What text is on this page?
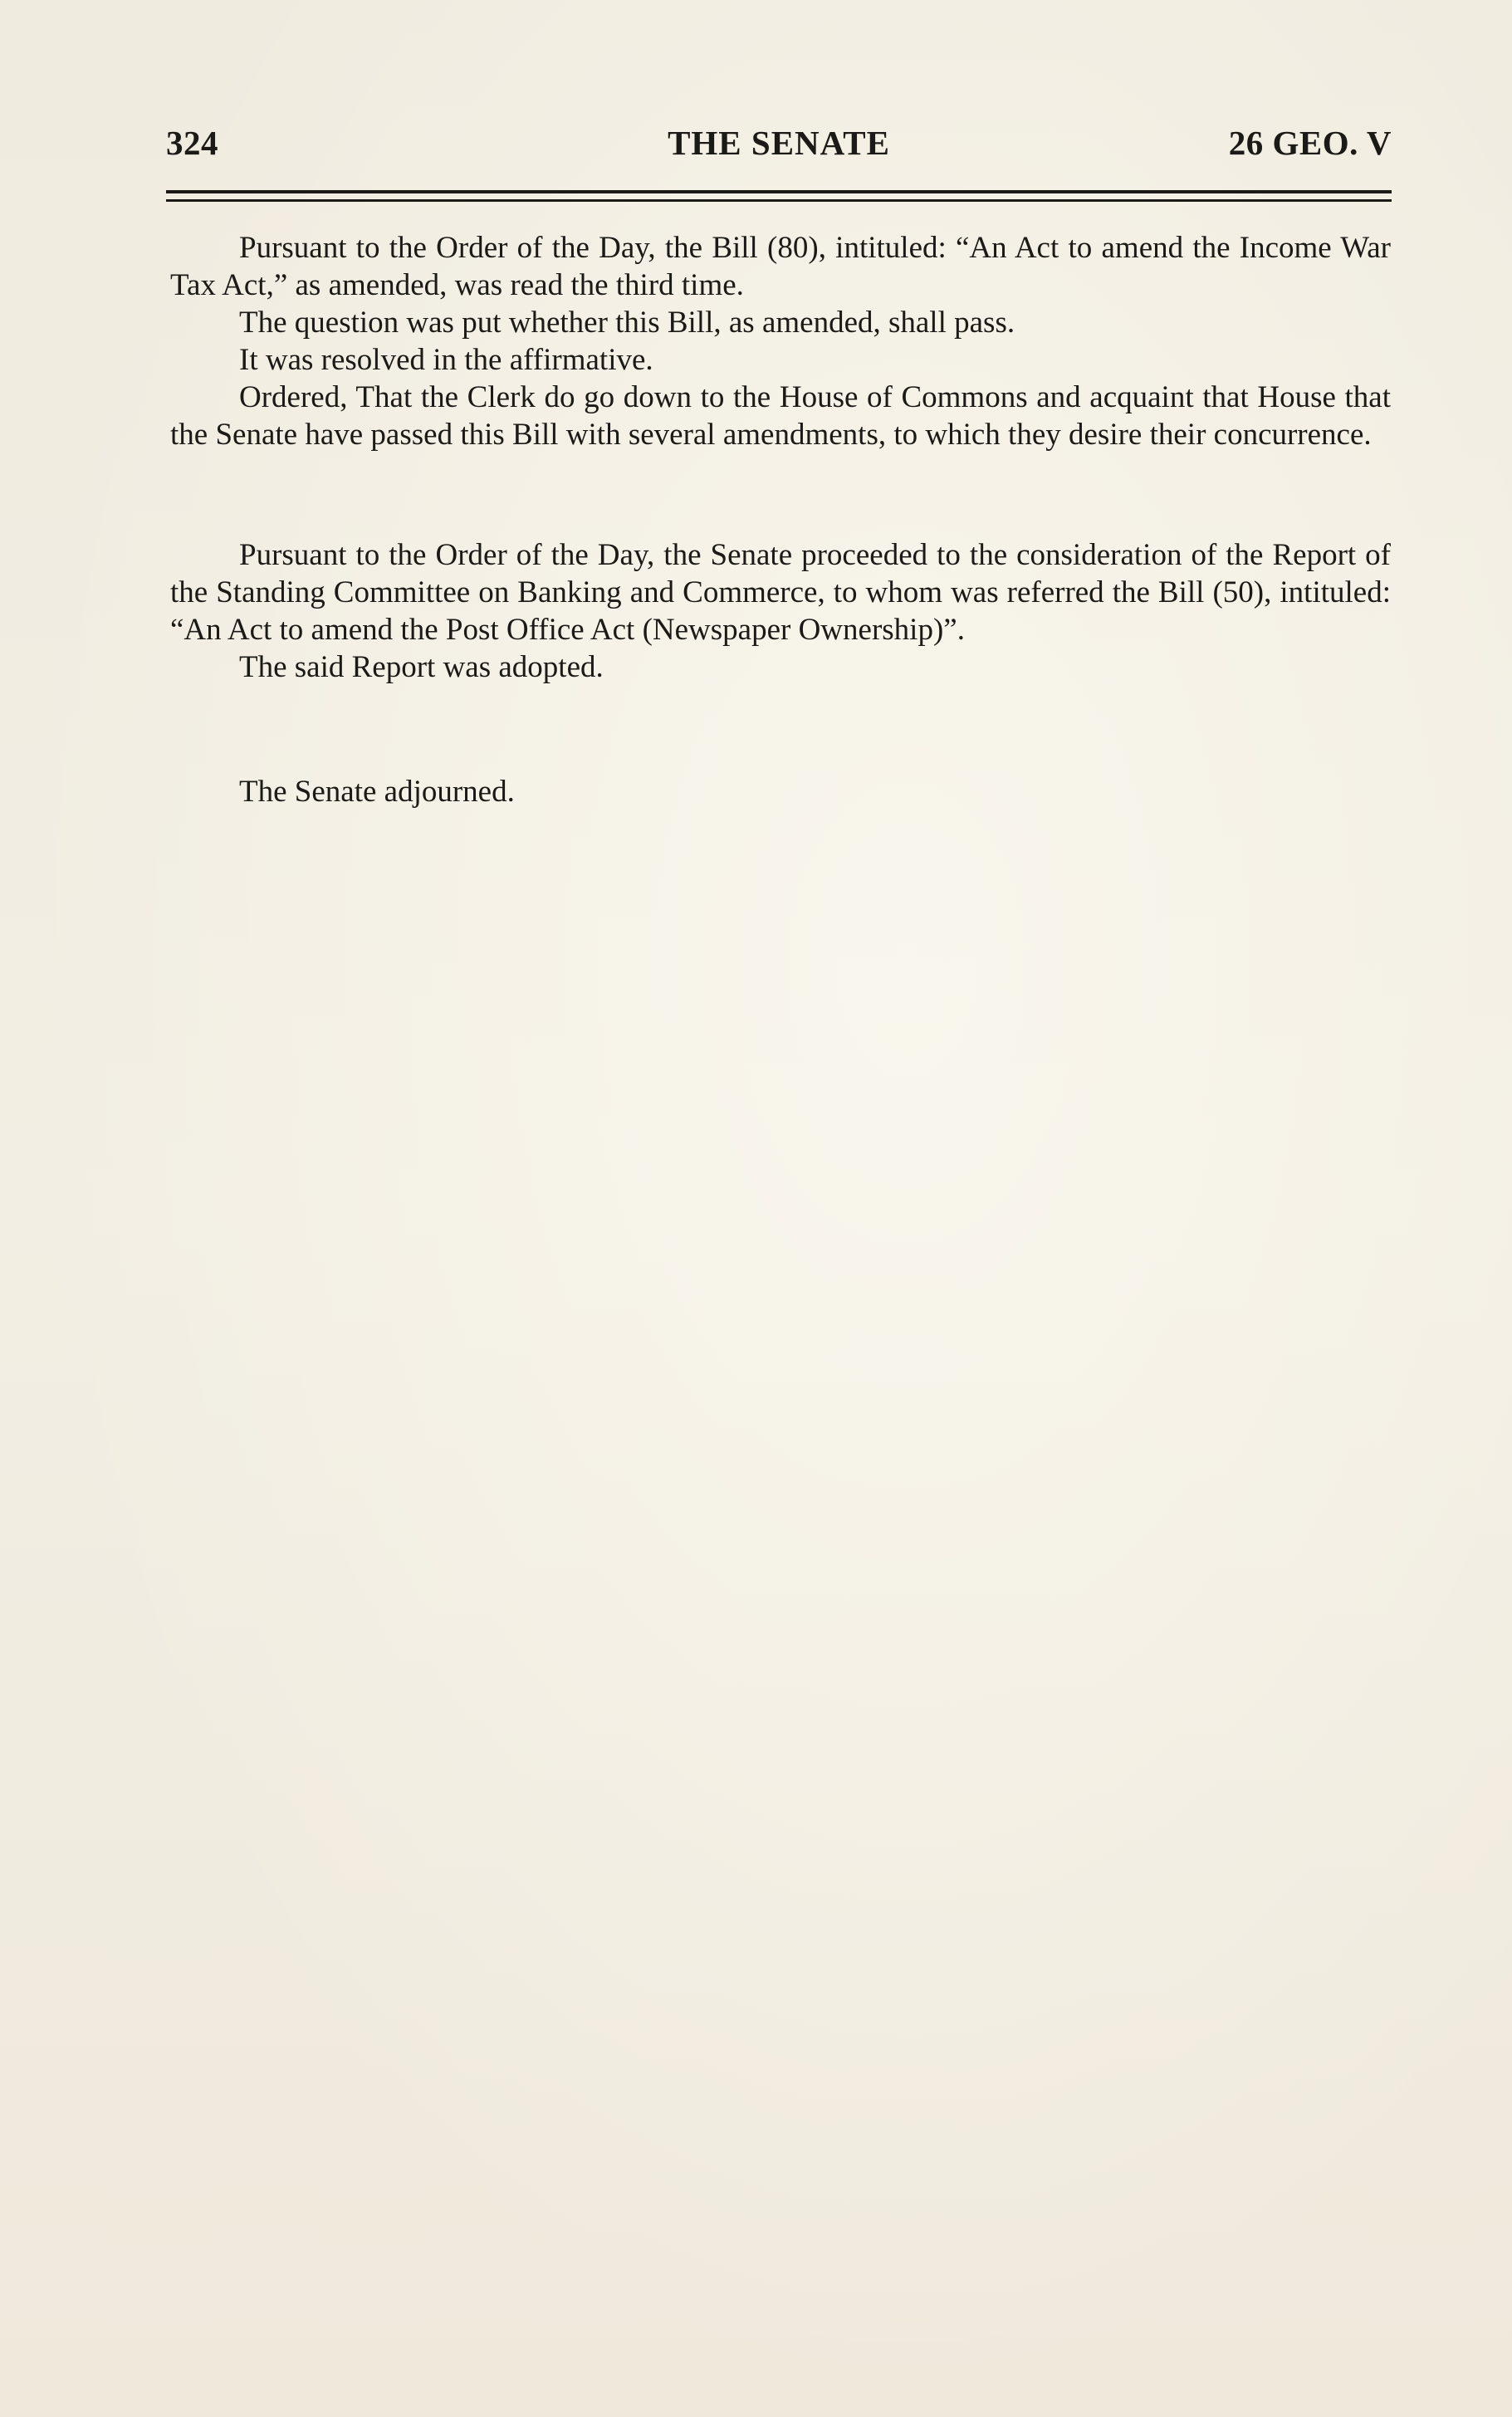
324	THE SENATE	26 GEO. V

Pursuant to the Order of the Day, the Bill (80), intituled: “An Act to amend the Income War Tax Act,” as amended, was read the third time.

The question was put whether this Bill, as amended, shall pass.

It was resolved in the affirmative.

Ordered, That the Clerk do go down to the House of Commons and acquaint that House that the Senate have passed this Bill with several amendments, to which they desire their concurrence.

Pursuant to the Order of the Day, the Senate proceeded to the consideration of the Report of the Standing Committee on Banking and Commerce, to whom was referred the Bill (50), intituled: “An Act to amend the Post Office Act (Newspaper Ownership)”.

The said Report was adopted.

The Senate adjourned.
